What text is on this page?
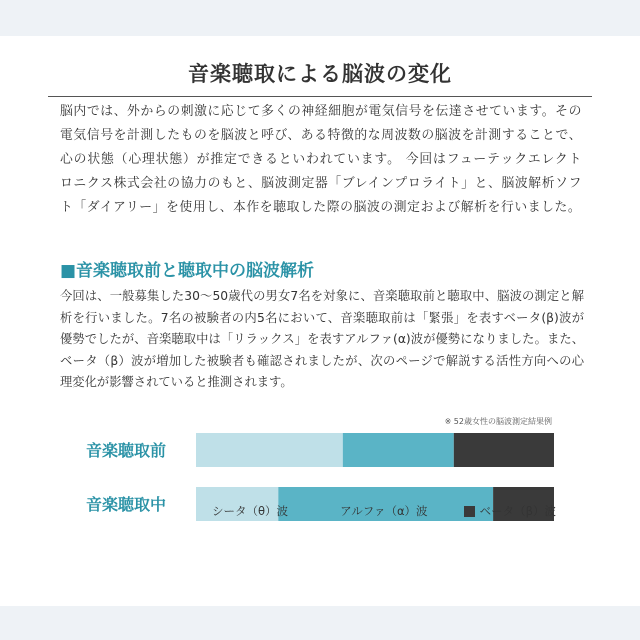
音楽聴取による脳波の変化

脳内では、外からの刺激に応じて多くの神経細胞が電気信号を伝達させています。その電気信号を計測したものを脳波と呼び、ある特徴的な周波数の脳波を計測することで、心の状態（心理状態）が推定できるといわれています。 今回はフューテックエレクトロニクス株式会社の協力のもと、脳波測定器「ブレインプロライト」と、脳波解析ソフト「ダイアリー」を使用し、本作を聴取した際の脳波の測定および解析を行いました。

■音楽聴取前と聴取中の脳波解析

今回は、一般募集した30〜50歳代の男女7名を対象に、音楽聴取前と聴取中、脳波の測定と解析を行いました。7名の被験者の内5名において、音楽聴取前は「緊張」を表すベータ(β)波が優勢でしたが、音楽聴取中は「リラックス」を表すアルファ(α)波が優勢になりました。また、ベータ（β）波が増加した被験者も確認されましたが、次のページで解説する活性方向への心理変化が影響されていると推測されます。

※ 52歳女性の脳波測定結果例
音楽聴取前
音楽聴取中	シータ（θ）波	アルファ（α）波	ベータ（β）波
